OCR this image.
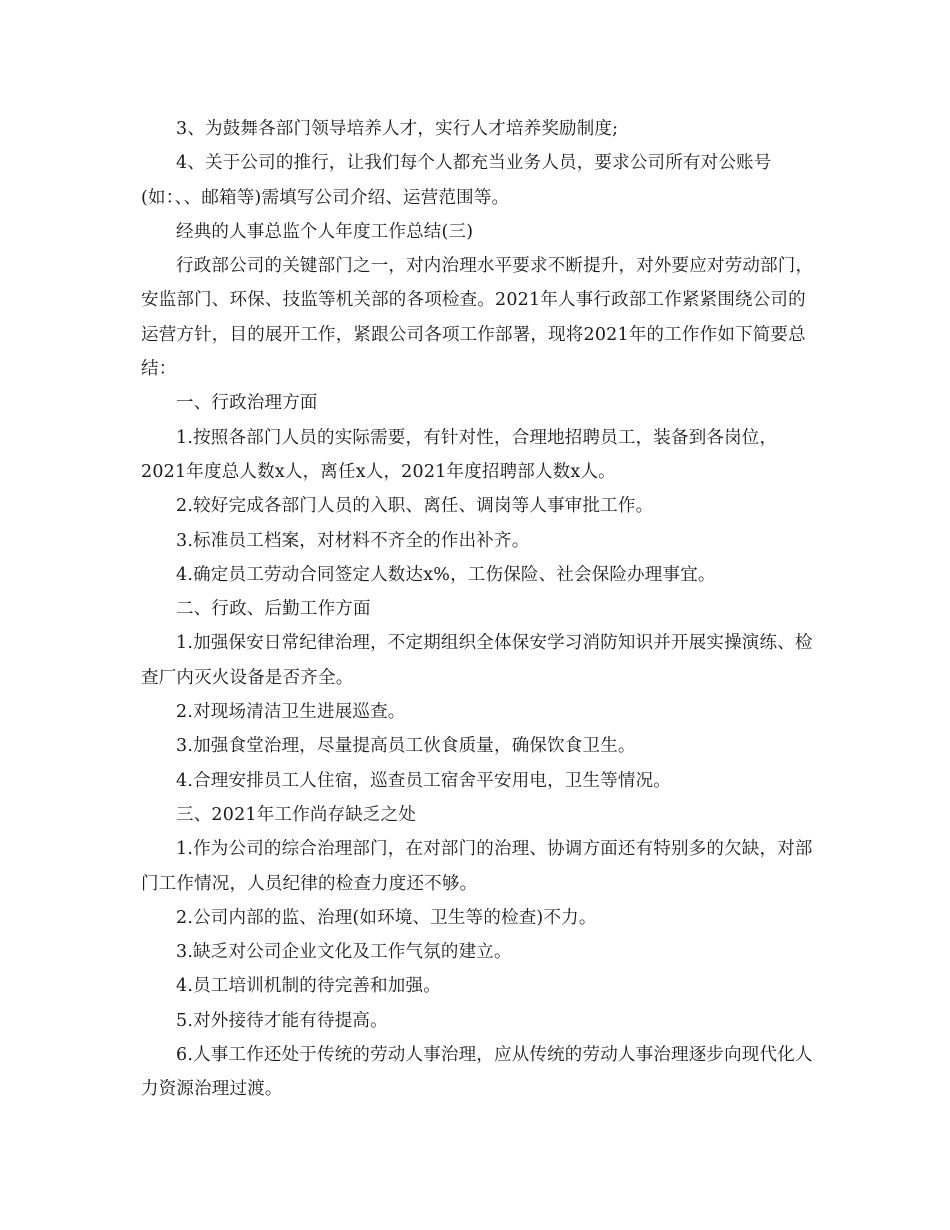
3、为鼓舞各部门领导培养人才，实行人才培养奖励制度;

4、关于公司的推行，让我们每个人都充当业务人员，要求公司所有对公账号(如：、、邮箱等)需填写公司介绍、运营范围等。

经典的人事总监个人年度工作总结(三)

行政部公司的关键部门之一，对内治理水平要求不断提升，对外要应对劳动部门，安监部门、环保、技监等机关部的各项检查。2021年人事行政部工作紧紧围绕公司的运营方针，目的展开工作，紧跟公司各项工作部署，现将2021年的工作作如下简要总结：

一、行政治理方面

1.按照各部门人员的实际需要，有针对性，合理地招聘员工，装备到各岗位，2021年度总人数x人，离任x人，2021年度招聘部人数x人。

2.较好完成各部门人员的入职、离任、调岗等人事审批工作。

3.标准员工档案，对材料不齐全的作出补齐。

4.确定员工劳动合同签定人数达x%，工伤保险、社会保险办理事宜。

二、行政、后勤工作方面

1.加强保安日常纪律治理，不定期组织全体保安学习消防知识并开展实操演练、检查厂内灭火设备是否齐全。

2.对现场清洁卫生进展巡查。

3.加强食堂治理，尽量提高员工伙食质量，确保饮食卫生。

4.合理安排员工人住宿，巡查员工宿舍平安用电，卫生等情况。

三、2021年工作尚存缺乏之处

1.作为公司的综合治理部门，在对部门的治理、协调方面还有特别多的欠缺，对部门工作情况，人员纪律的检查力度还不够。

2.公司内部的监、治理(如环境、卫生等的检查)不力。

3.缺乏对公司企业文化及工作气氛的建立。

4.员工培训机制的待完善和加强。

5.对外接待才能有待提高。

6.人事工作还处于传统的劳动人事治理，应从传统的劳动人事治理逐步向现代化人力资源治理过渡。
